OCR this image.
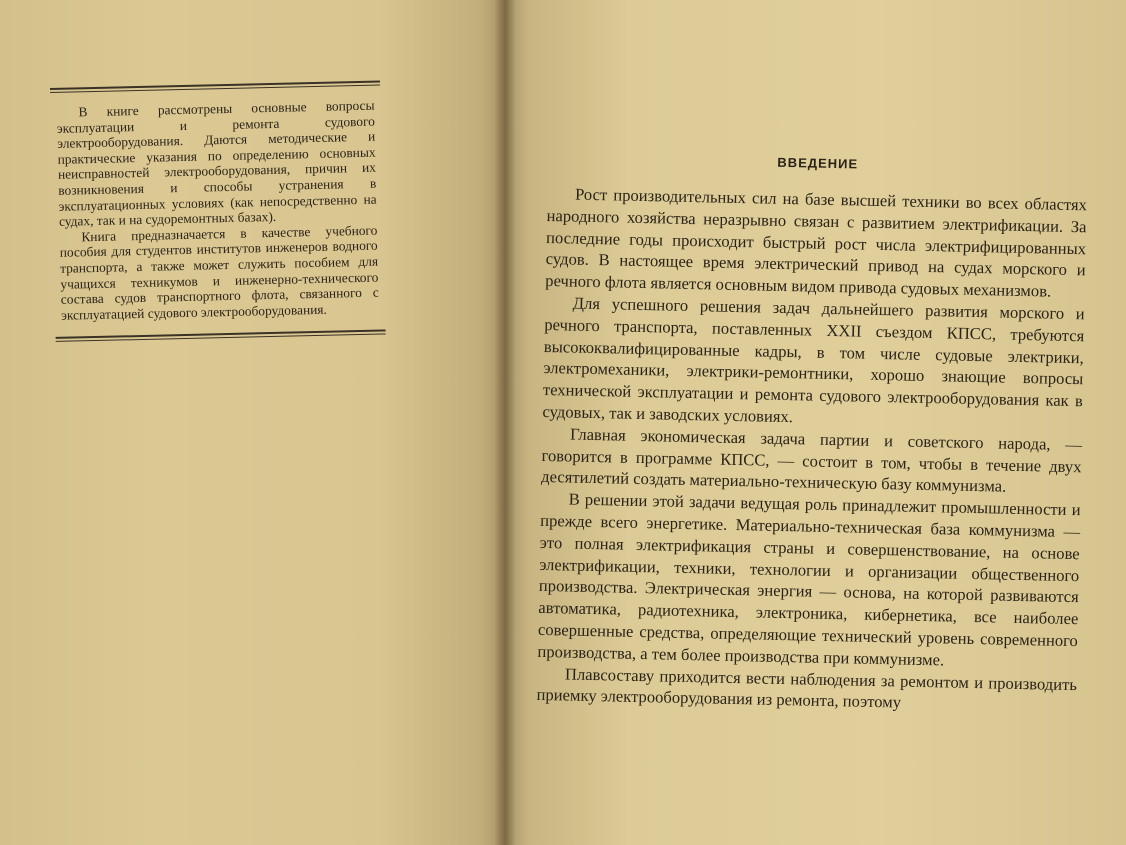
В книге рассмотрены основные вопросы эксплуатации и ремонта судового электрооборудования. Даются методические и практические указания по определению основных неисправностей электрооборудования, причин их возникновения и способы устранения в эксплуатационных условиях (как непосредственно на судах, так и на судоремонтных базах).

Книга предназначается в качестве учебного пособия для студентов институтов инженеров водного транспорта, а также может служить пособием для учащихся техникумов и инженерно-технического состава судов транспортного флота, связанного с эксплуатацией судового электрооборудования.

ВВЕДЕНИЕ

Рост производительных сил на базе высшей техники во всех областях народного хозяйства неразрывно связан с развитием электрификации. За последние годы происходит быстрый рост числа электрифицированных судов. В настоящее время электрический привод на судах морского и речного флота является основным видом привода судовых механизмов.

Для успешного решения задач дальнейшего развития морского и речного транспорта, поставленных XXII съездом КПСС, требуются высококвалифицированные кадры, в том числе судовые электрики, электромеханики, электрики-ремонтники, хорошо знающие вопросы технической эксплуатации и ремонта судового электрооборудования как в судовых, так и заводских условиях.

Главная экономическая задача партии и советского народа, — говорится в программе КПСС, — состоит в том, чтобы в течение двух десятилетий создать материально-техническую базу коммунизма.

В решении этой задачи ведущая роль принадлежит промышленности и прежде всего энергетике. Материально-техническая база коммунизма — это полная электрификация страны и совершенствование, на основе электрификации, техники, технологии и организации общественного производства. Электрическая энергия — основа, на которой развиваются автоматика, радиотехника, электроника, кибернетика, все наиболее совершенные средства, определяющие технический уровень современного производства, а тем более производства при коммунизме.

Плавсоставу приходится вести наблюдения за ремонтом и производить приемку электрооборудования из ремонта, поэтому
